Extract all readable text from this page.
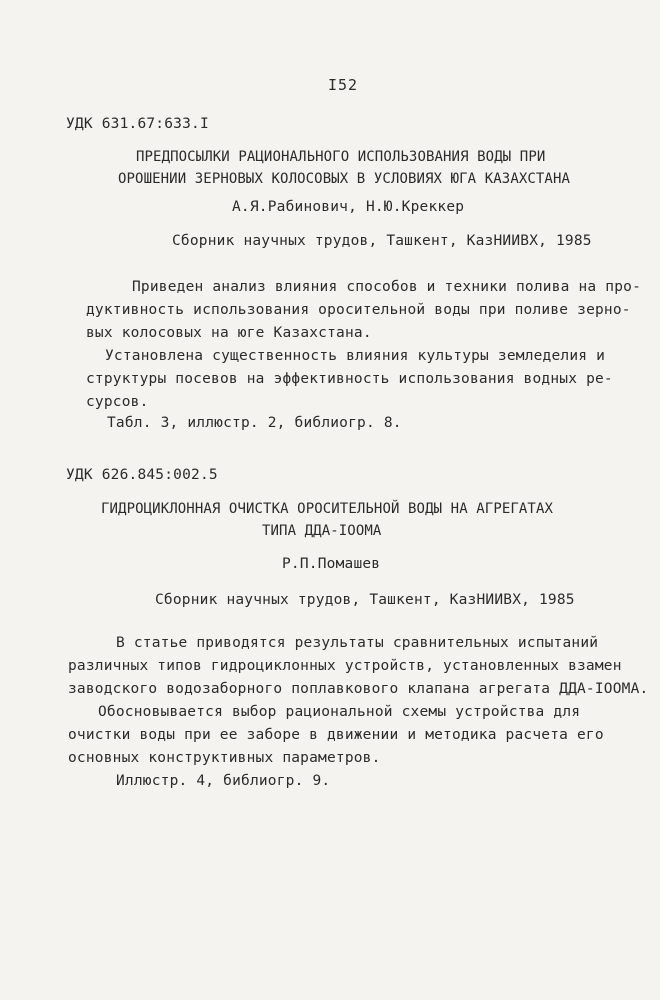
I52
УДК 631.67:633.I
ПРЕДПОСЫЛКИ РАЦИОНАЛЬНОГО ИСПОЛЬЗОВАНИЯ ВОДЫ ПРИ
ОРОШЕНИИ ЗЕРНОВЫХ КОЛОСОВЫХ В УСЛОВИЯХ ЮГА КАЗАХСТАНА
А.Я.Рабинович, Н.Ю.Креккер
Сборник научных трудов, Ташкент, КазНИИВХ, 1985
Приведен анализ влияния способов и техники полива на про-
дуктивность использования оросительной воды при поливе зерно-
вых колосовых на юге Казахстана.
Установлена существенность влияния культуры земледелия и
структуры посевов на эффективность использования водных ре-
сурсов.
Табл. 3, иллюстр. 2, библиогр. 8.
УДК 626.845:002.5
ГИДРОЦИКЛОННАЯ ОЧИСТКА ОРОСИТЕЛЬНОЙ ВОДЫ НА АГРЕГАТАХ
ТИПА ДДА-IOOМА
Р.П.Помашев
Сборник научных трудов, Ташкент, КазНИИВХ, 1985
В статье приводятся результаты сравнительных испытаний
различных типов гидроциклонных устройств, установленных взамен
заводского водозаборного поплавкового клапана агрегата ДДА-IOOМА.
Обосновывается выбор рациональной схемы устройства для
очистки воды при ее заборе в движении и методика расчета его
основных конструктивных параметров.
Иллюстр. 4, библиогр. 9.
